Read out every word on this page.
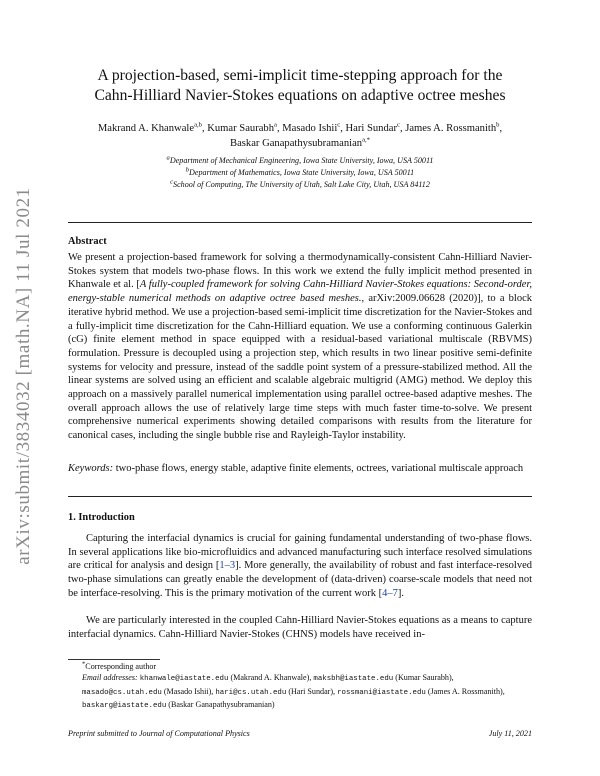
arXiv:submit/3834032 [math.NA] 11 Jul 2021
A projection-based, semi-implicit time-stepping approach for the
Cahn-Hilliard Navier-Stokes equations on adaptive octree meshes
Makrand A. Khanwale$^{a,b}$, Kumar Saurabh$^a$, Masado Ishii$^c$, Hari Sundar$^c$, James A. Rossmanith$^b$,
Baskar Ganapathysubramanian$^{a,*}$
$^a$Department of Mechanical Engineering, Iowa State University, Iowa, USA 50011
$^b$Department of Mathematics, Iowa State University, Iowa, USA 50011
$^c$School of Computing, The University of Utah, Salt Lake City, Utah, USA 84112
Abstract
We present a projection-based framework for solving a thermodynamically-consistent Cahn-Hilliard Navier-Stokes system that models two-phase flows. In this work we extend the fully implicit method presented in Khanwale et al. [A fully-coupled framework for solving Cahn-Hilliard Navier-Stokes equations: Second-order, energy-stable numerical methods on adaptive octree based meshes., arXiv:2009.06628 (2020)], to a block iterative hybrid method. We use a projection-based semi-implicit time discretization for the Navier-Stokes and a fully-implicit time discretization for the Cahn-Hilliard equation. We use a conforming continuous Galerkin (cG) finite element method in space equipped with a residual-based variational multiscale (RBVMS) formulation. Pressure is decoupled using a projection step, which results in two linear positive semi-definite systems for velocity and pressure, instead of the saddle point system of a pressure-stabilized method. All the linear systems are solved using an efficient and scalable algebraic multigrid (AMG) method. We deploy this approach on a massively parallel numerical implementation using parallel octree-based adaptive meshes. The overall approach allows the use of relatively large time steps with much faster time-to-solve. We present comprehensive numerical experiments showing detailed comparisons with results from the literature for canonical cases, including the single bubble rise and Rayleigh-Taylor instability.
Keywords: two-phase flows, energy stable, adaptive finite elements, octrees, variational multiscale approach
1. Introduction
Capturing the interfacial dynamics is crucial for gaining fundamental understanding of two-phase flows. In several applications like bio-microfluidics and advanced manufacturing such interface resolved simulations are critical for analysis and design [1–3]. More generally, the availability of robust and fast interface-resolved two-phase simulations can greatly enable the development of (data-driven) coarse-scale models that need not be interface-resolving. This is the primary motivation of the current work [4–7].
We are particularly interested in the coupled Cahn-Hilliard Navier-Stokes equations as a means to capture interfacial dynamics. Cahn-Hilliard Navier-Stokes (CHNS) models have received in-
*Corresponding author
Email addresses: khanwale@iastate.edu (Makrand A. Khanwale), maksbh@iastate.edu (Kumar Saurabh), masado@cs.utah.edu (Masado Ishii), hari@cs.utah.edu (Hari Sundar), rossmani@iastate.edu (James A. Rossmanith), baskarg@iastate.edu (Baskar Ganapathysubramanian)
Preprint submitted to Journal of Computational Physics	July 11, 2021
